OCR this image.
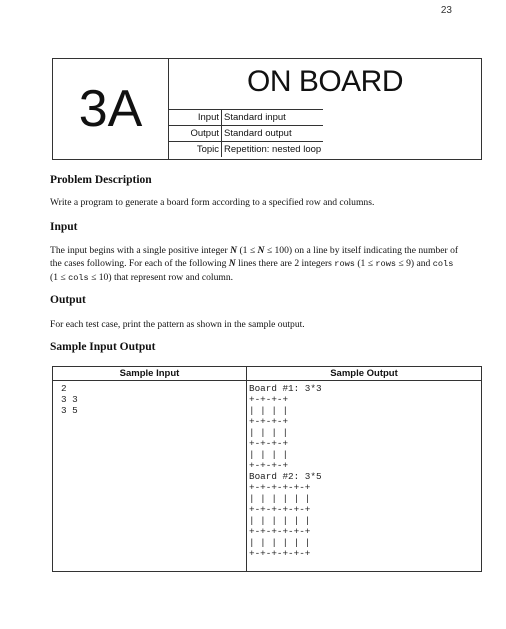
23
3A	ON BOARD
Input	Standard input
Output	Standard output
Topic	Repetition: nested loop
Problem Description
Write a program to generate a board form according to a specified row and columns.
Input
The input begins with a single positive integer N (1 ≤ N ≤ 100) on a line by itself indicating the number of the cases following. For each of the following N lines there are 2 integers rows (1 ≤ rows ≤ 9) and cols (1 ≤ cols ≤ 10) that represent row and column.
Output
For each test case, print the pattern as shown in the sample output.
Sample Input Output
Sample Input	Sample Output
2
3 3
3 5
Board #1: 3*3
+-+-+-+
| | | |
+-+-+-+
| | | |
+-+-+-+
| | | |
+-+-+-+
Board #2: 3*5
+-+-+-+-+-+
| | | | | |
+-+-+-+-+-+
| | | | | |
+-+-+-+-+-+
| | | | | |
+-+-+-+-+-+
